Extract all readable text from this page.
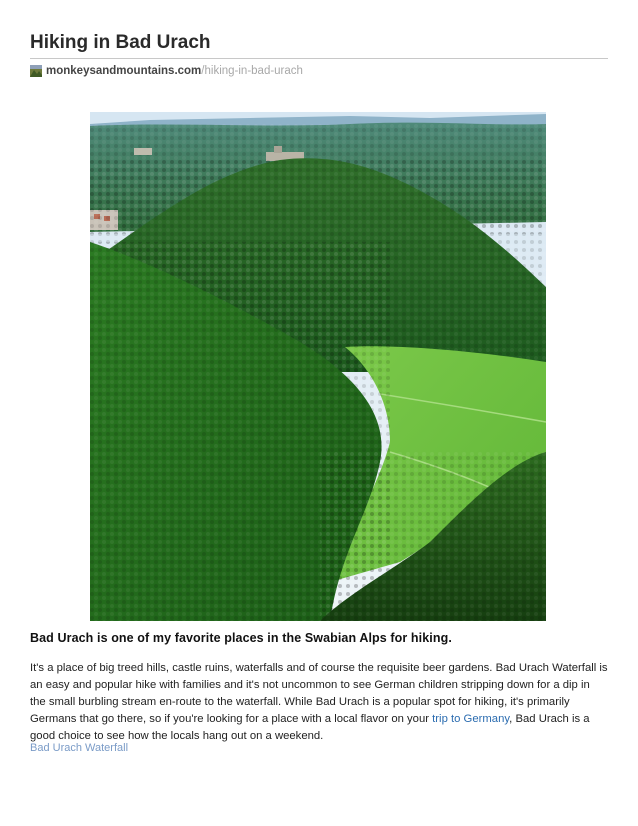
Hiking in Bad Urach
monkeysandmountains.com /hiking-in-bad-urach

Bad Urach is one of my favorite places in the Swabian Alps for hiking.

It's a place of big treed hills, castle ruins, waterfalls and of course the requisite beer gardens. Bad Urach Waterfall is an easy and popular hike with families and it's not uncommon to see German children stripping down for a dip in the small burbling stream en-route to the waterfall. While Bad Urach is a popular spot for hiking, it's primarily Germans that go there, so if you're looking for a place with a local flavor on your trip to Germany, Bad Urach is a good choice to see how the locals hang out on a weekend.

Bad Urach Waterfall
